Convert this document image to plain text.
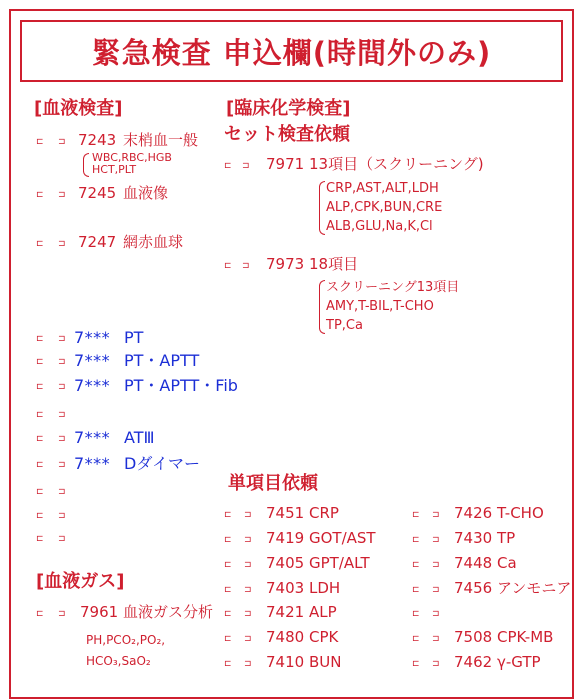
緊急検査 申込欄(時間外のみ)
[血液検査]
⊏ ⊐ 7243 末梢血一般
⊏ ⊐ 7245 血液像
⊏ ⊐ 7247 網赤血球
⊏ ⊐ 7*** PT
⊏ ⊐ 7*** PT・APTT
⊏ ⊐ 7*** PT・APTT・Fib
⊏ ⊐
⊏ ⊐ 7*** ATⅢ
⊏ ⊐ 7*** Dダイマー
⊏ ⊐
⊏ ⊐
⊏ ⊐
WBC,RBC,HGB
HCT,PLT
[臨床化学検査]
セット検査依頼
⊏ ⊐ 7971 13項目（スクリーニング)
⊏ ⊐ 7973 18項目
CRP,AST,ALT,LDH
ALP,CPK,BUN,CRE
ALB,GLU,Na,K,Cl
スクリーニング13項目
AMY,T-BIL,T-CHO
TP,Ca
単項目依頼
⊏ ⊐ 7451 CRP
⊏ ⊐ 7419 GOT/AST
⊏ ⊐ 7405 GPT/ALT
⊏ ⊐ 7403 LDH
⊏ ⊐ 7421 ALP
⊏ ⊐ 7480 CPK
⊏ ⊐ 7410 BUN
⊏ ⊐ 7426 T-CHO
⊏ ⊐ 7430 TP
⊏ ⊐ 7448 Ca
⊏ ⊐ 7456 アンモニア
⊏ ⊐
⊏ ⊐ 7508 CPK-MB
⊏ ⊐ 7462 γ-GTP
[血液ガス]
⊏ ⊐ 7961 血液ガス分析
PH,PCO₂,PO₂,
HCO₃,SaO₂
